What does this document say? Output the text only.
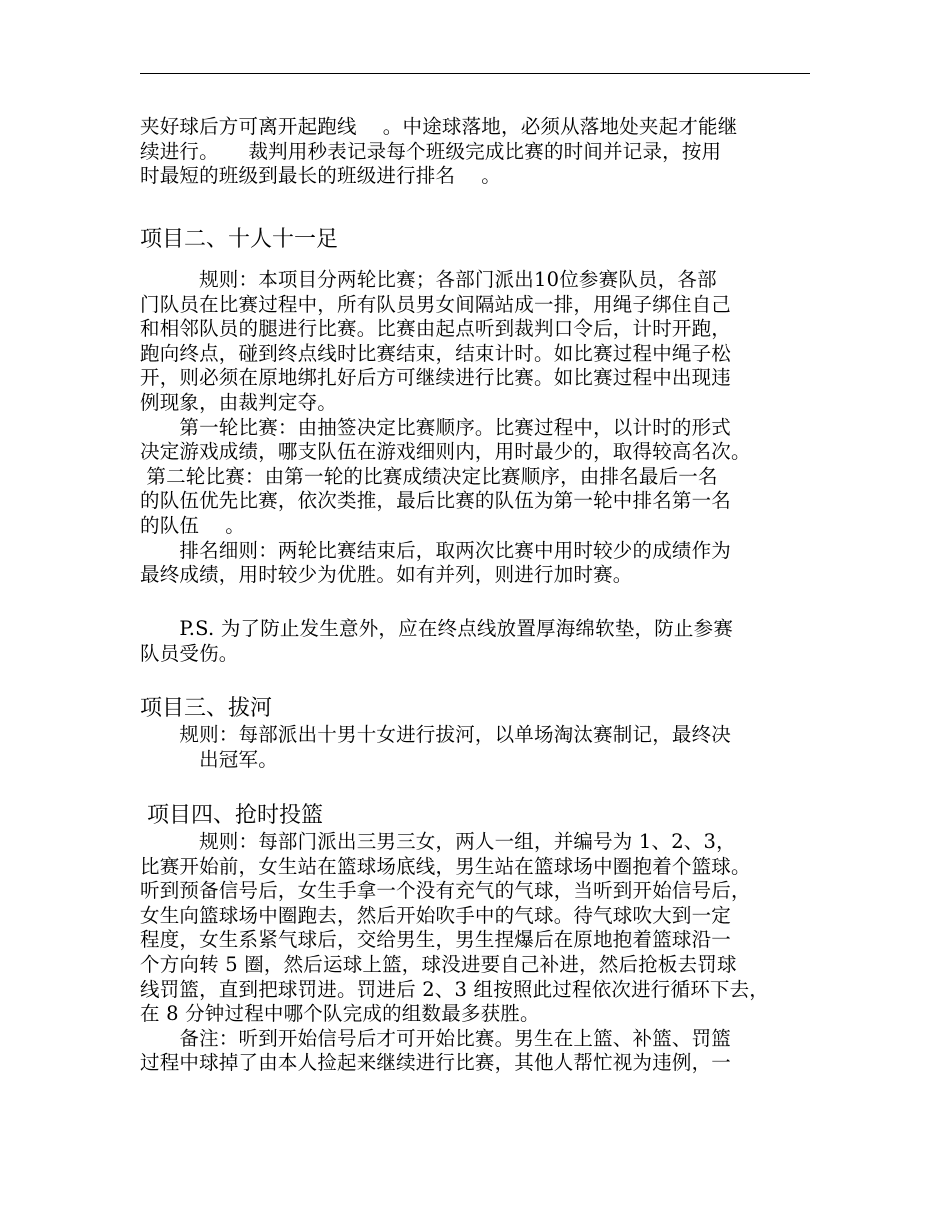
夹好球后方可离开起跑线　 。中途球落地，必须从落地处夹起才能继
续进行。　　裁判用秒表记录每个班级完成比赛的时间并记录，按用
时最短的班级到最长的班级进行排名　 。
项目二、十人十一足
　　　规则：本项目分两轮比赛；各部门派出10位参赛队员，各部
门队员在比赛过程中，所有队员男女间隔站成一排，用绳子绑住自己
和相邻队员的腿进行比赛。比赛由起点听到裁判口令后，计时开跑，
跑向终点，碰到终点线时比赛结束，结束计时。如比赛过程中绳子松
开，则必须在原地绑扎好后方可继续进行比赛。如比赛过程中出现违
例现象，由裁判定夺。
　　第一轮比赛：由抽签决定比赛顺序。比赛过程中，以计时的形式
决定游戏成绩，哪支队伍在游戏细则内，用时最少的，取得较高名次。
第二轮比赛：由第一轮的比赛成绩决定比赛顺序，由排名最后一名
的队伍优先比赛，依次类推，最后比赛的队伍为第一轮中排名第一名
的队伍　 。
　　排名细则：两轮比赛结束后，取两次比赛中用时较少的成绩作为
最终成绩，用时较少为优胜。如有并列，则进行加时赛。
　　P.S. 为了防止发生意外，应在终点线放置厚海绵软垫，防止参赛
队员受伤。
项目三、拔河
　　规则：每部派出十男十女进行拔河，以单场淘汰赛制记，最终决
　　　出冠军。
项目四、抢时投篮
　　　规则：每部门派出三男三女，两人一组，并编号为 1、2、3，
比赛开始前，女生站在篮球场底线，男生站在篮球场中圈抱着个篮球。
听到预备信号后，女生手拿一个没有充气的气球，当听到开始信号后，
女生向篮球场中圈跑去，然后开始吹手中的气球。待气球吹大到一定
程度，女生系紧气球后，交给男生，男生捏爆后在原地抱着篮球沿一
个方向转 5 圈，然后运球上篮，球没进要自己补进，然后抢板去罚球
线罚篮，直到把球罚进。罚进后 2、3 组按照此过程依次进行循环下去，
在 8 分钟过程中哪个队完成的组数最多获胜。
　　备注：听到开始信号后才可开始比赛。男生在上篮、补篮、罚篮
过程中球掉了由本人捡起来继续进行比赛，其他人帮忙视为违例，一
